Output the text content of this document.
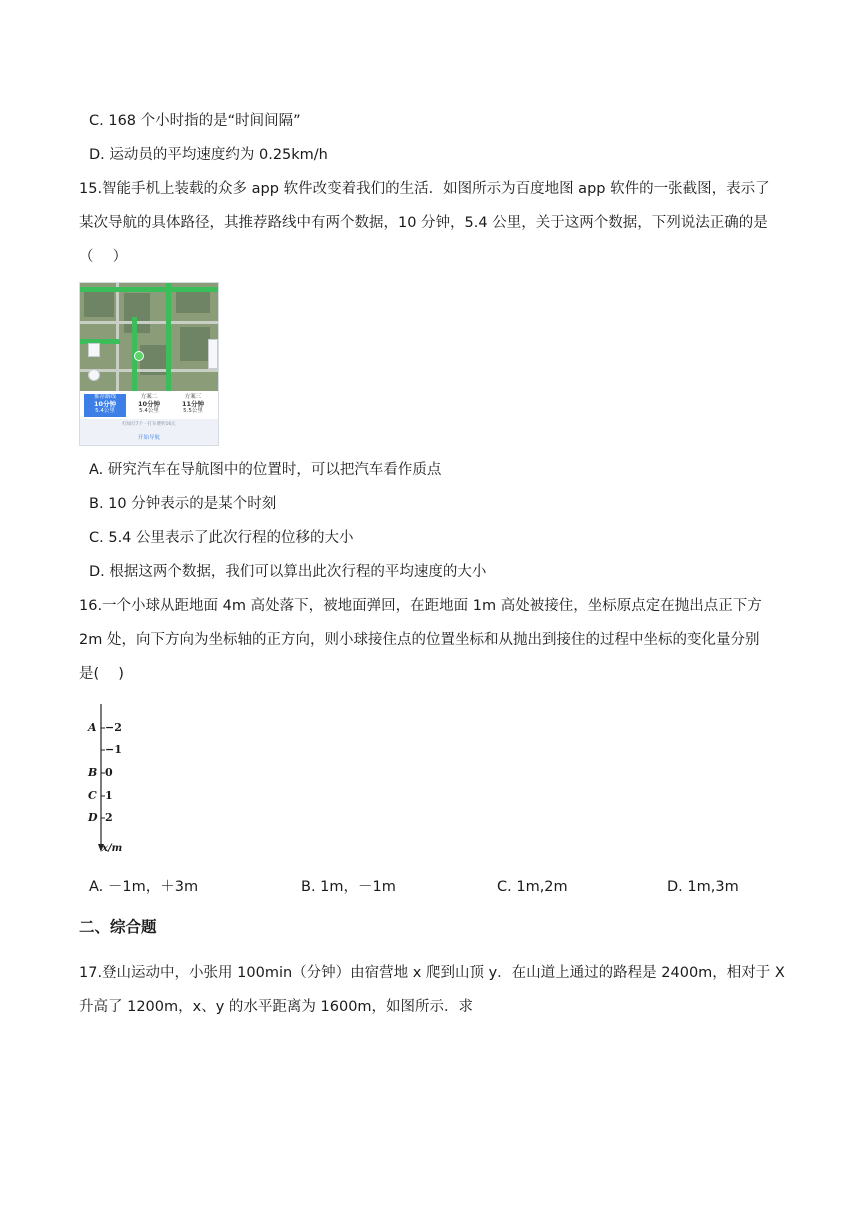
C. 168 个小时指的是“时间间隔”
D. 运动员的平均速度约为 0.25km/h
15.智能手机上装载的众多 app 软件改变着我们的生活．如图所示为百度地图 app 软件的一张截图，表示了
某次导航的具体路径，其推荐路线中有两个数据，10 分钟，5.4 公里，关于这两个数据，下列说法正确的是
（　 ）
推荐路线
10分钟
5.4公里
方案二
10分钟
5.4公里
方案三
11分钟
5.5公里
红绿灯7个 · 打车费约16元
开始导航
A. 研究汽车在导航图中的位置时，可以把汽车看作质点
B. 10 分钟表示的是某个时刻
C. 5.4 公里表示了此次行程的位移的大小
D. 根据这两个数据，我们可以算出此次行程的平均速度的大小
16.一个小球从距地面 4m 高处落下，被地面弹回，在距地面 1m 高处被接住，坐标原点定在抛出点正下方
2m 处，向下方向为坐标轴的正方向，则小球接住点的位置坐标和从抛出到接住的过程中坐标的变化量分别
是(　 )
A −2
−1
B 0
C 1
D 2
x/m
A. －1m，＋3m	B. 1m，－1m	C. 1m,2m	D. 1m,3m
二、综合题
17.登山运动中，小张用 100min（分钟）由宿营地 x 爬到山顶 y．在山道上通过的路程是 2400m，相对于 X
升高了 1200m，x、y 的水平距离为 1600m，如图所示．求
